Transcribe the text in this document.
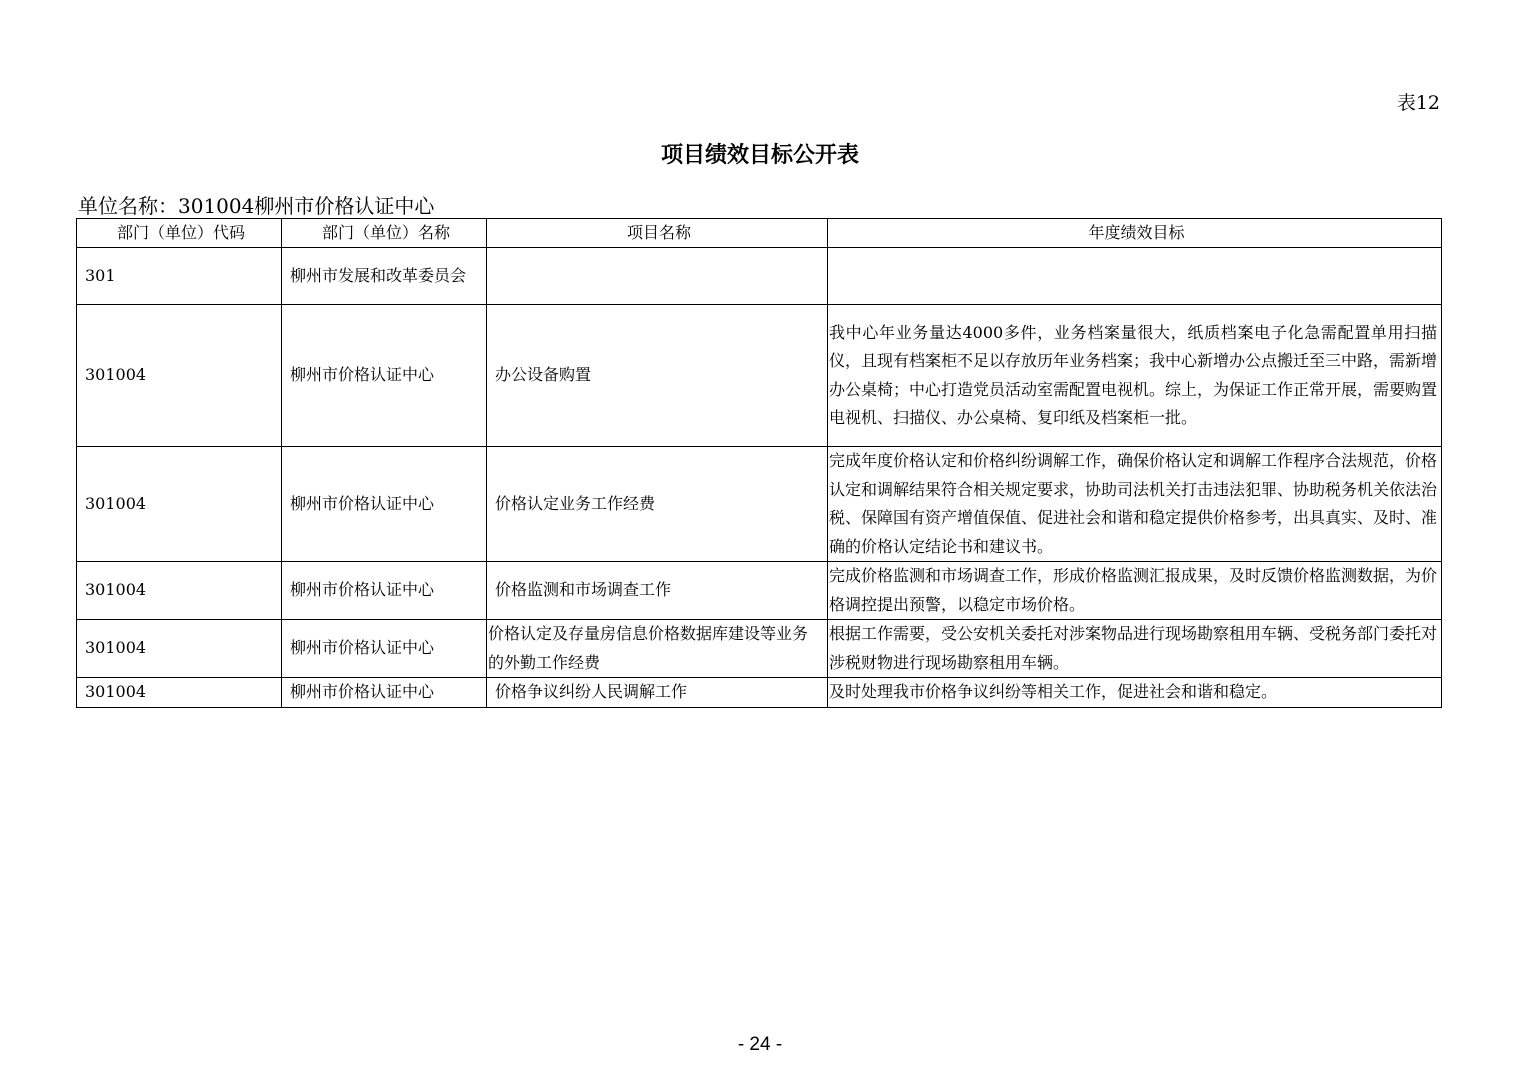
表12
项目绩效目标公开表
单位名称：301004柳州市价格认证中心
部门（单位）代码	部门（单位）名称	项目名称	年度绩效目标
301	柳州市发展和改革委员会		
301004	柳州市价格认证中心	办公设备购置	我中心年业务量达4000多件，业务档案量很大，纸质档案电子化急需配置单用扫描仪，且现有档案柜不足以存放历年业务档案；我中心新增办公点搬迁至三中路，需新增办公桌椅；中心打造党员活动室需配置电视机。综上，为保证工作正常开展，需要购置电视机、扫描仪、办公桌椅、复印纸及档案柜一批。
301004	柳州市价格认证中心	价格认定业务工作经费	完成年度价格认定和价格纠纷调解工作，确保价格认定和调解工作程序合法规范，价格认定和调解结果符合相关规定要求，协助司法机关打击违法犯罪、协助税务机关依法治税、保障国有资产增值保值、促进社会和谐和稳定提供价格参考，出具真实、及时、准确的价格认定结论书和建议书。
301004	柳州市价格认证中心	价格监测和市场调查工作	完成价格监测和市场调查工作，形成价格监测汇报成果，及时反馈价格监测数据，为价格调控提出预警，以稳定市场价格。
301004	柳州市价格认证中心	价格认定及存量房信息价格数据库建设等业务的外勤工作经费	根据工作需要，受公安机关委托对涉案物品进行现场勘察租用车辆、受税务部门委托对涉税财物进行现场勘察租用车辆。
301004	柳州市价格认证中心	价格争议纠纷人民调解工作	及时处理我市价格争议纠纷等相关工作，促进社会和谐和稳定。
- 24 -
